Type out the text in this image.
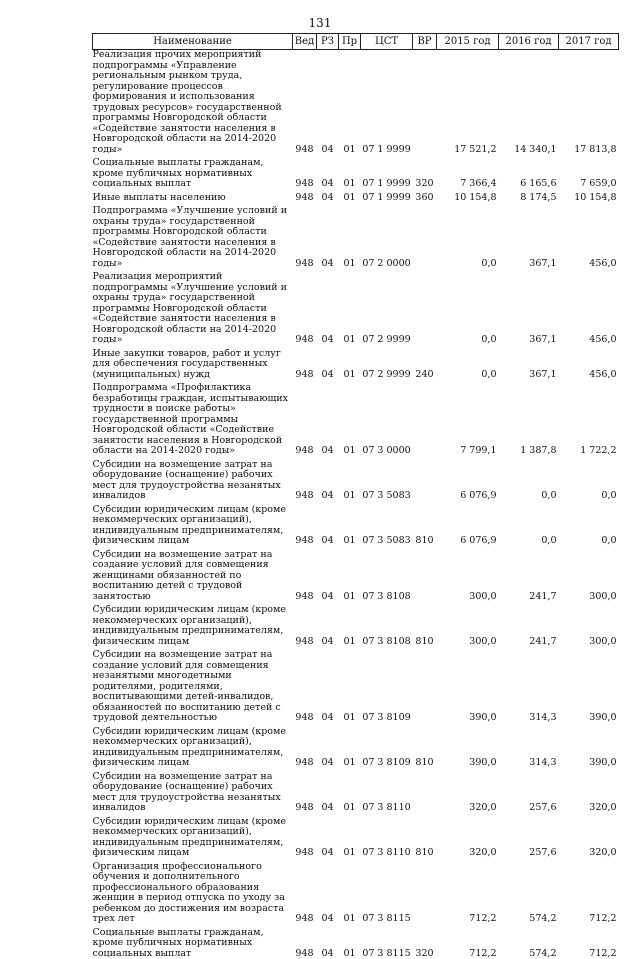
131
Наименование	Вед	РЗ	Пр	ЦСТ	ВР	2015 год	2016 год	2017 год
Реализация прочих мероприятий подпрограммы «Управление региональным рынком труда, регулирование процессов формирования и использования трудовых ресурсов» государственной программы Новгородской области «Содействие занятости населения в Новгородской области на 2014-2020 годы»	948	04	01	07 1 9999		17 521,2	14 340,1	17 813,8
Социальные выплаты гражданам, кроме публичных нормативных социальных выплат	948	04	01	07 1 9999	320	7 366,4	6 165,6	7 659,0
Иные выплаты населению	948	04	01	07 1 9999	360	10 154,8	8 174,5	10 154,8
Подпрограмма «Улучшение условий и охраны труда» государственной программы Новгородской области «Содействие занятости населения в Новгородской области на 2014-2020 годы»	948	04	01	07 2 0000		0,0	367,1	456,0
Реализация мероприятий подпрограммы «Улучшение условий и охраны труда» государственной программы Новгородской области «Содействие занятости населения в Новгородской области на 2014-2020 годы»	948	04	01	07 2 9999		0,0	367,1	456,0
Иные закупки товаров, работ и услуг для обеспечения государственных (муниципальных) нужд	948	04	01	07 2 9999	240	0,0	367,1	456,0
Подпрограмма «Профилактика безработицы граждан, испытывающих трудности в поиске работы» государственной программы Новгородской области «Содействие занятости населения в Новгородской области на 2014-2020 годы»	948	04	01	07 3 0000		7 799,1	1 387,8	1 722,2
Субсидии на возмещение затрат на оборудование (оснащение) рабочих мест для трудоустройства незанятых инвалидов	948	04	01	07 3 5083		6 076,9	0,0	0,0
Субсидии юридическим лицам (кроме некоммерческих организаций), индивидуальным предпринимателям, физическим лицам	948	04	01	07 3 5083	810	6 076,9	0,0	0,0
Субсидии на возмещение затрат на создание условий для совмещения женщинами обязанностей по воспитанию детей с трудовой занятостью	948	04	01	07 3 8108		300,0	241,7	300,0
Субсидии юридическим лицам (кроме некоммерческих организаций), индивидуальным предпринимателям, физическим лицам	948	04	01	07 3 8108	810	300,0	241,7	300,0
Субсидии на возмещение затрат на создание условий для совмещения незанятыми многодетными родителями, родителями, воспитывающими детей-инвалидов, обязанностей по воспитанию детей с трудовой деятельностью	948	04	01	07 3 8109		390,0	314,3	390,0
Субсидии юридическим лицам (кроме некоммерческих организаций), индивидуальным предпринимателям, физическим лицам	948	04	01	07 3 8109	810	390,0	314,3	390,0
Субсидии на возмещение затрат на оборудование (оснащение) рабочих мест для трудоустройства незанятых инвалидов	948	04	01	07 3 8110		320,0	257,6	320,0
Субсидии юридическим лицам (кроме некоммерческих организаций), индивидуальным предпринимателям, физическим лицам	948	04	01	07 3 8110	810	320,0	257,6	320,0
Организация профессионального обучения и дополнительного профессионального образования женщин в период отпуска по уходу за ребенком до достижения им возраста трех лет	948	04	01	07 3 8115		712,2	574,2	712,2
Социальные выплаты гражданам, кроме публичных нормативных социальных выплат	948	04	01	07 3 8115	320	712,2	574,2	712,2
